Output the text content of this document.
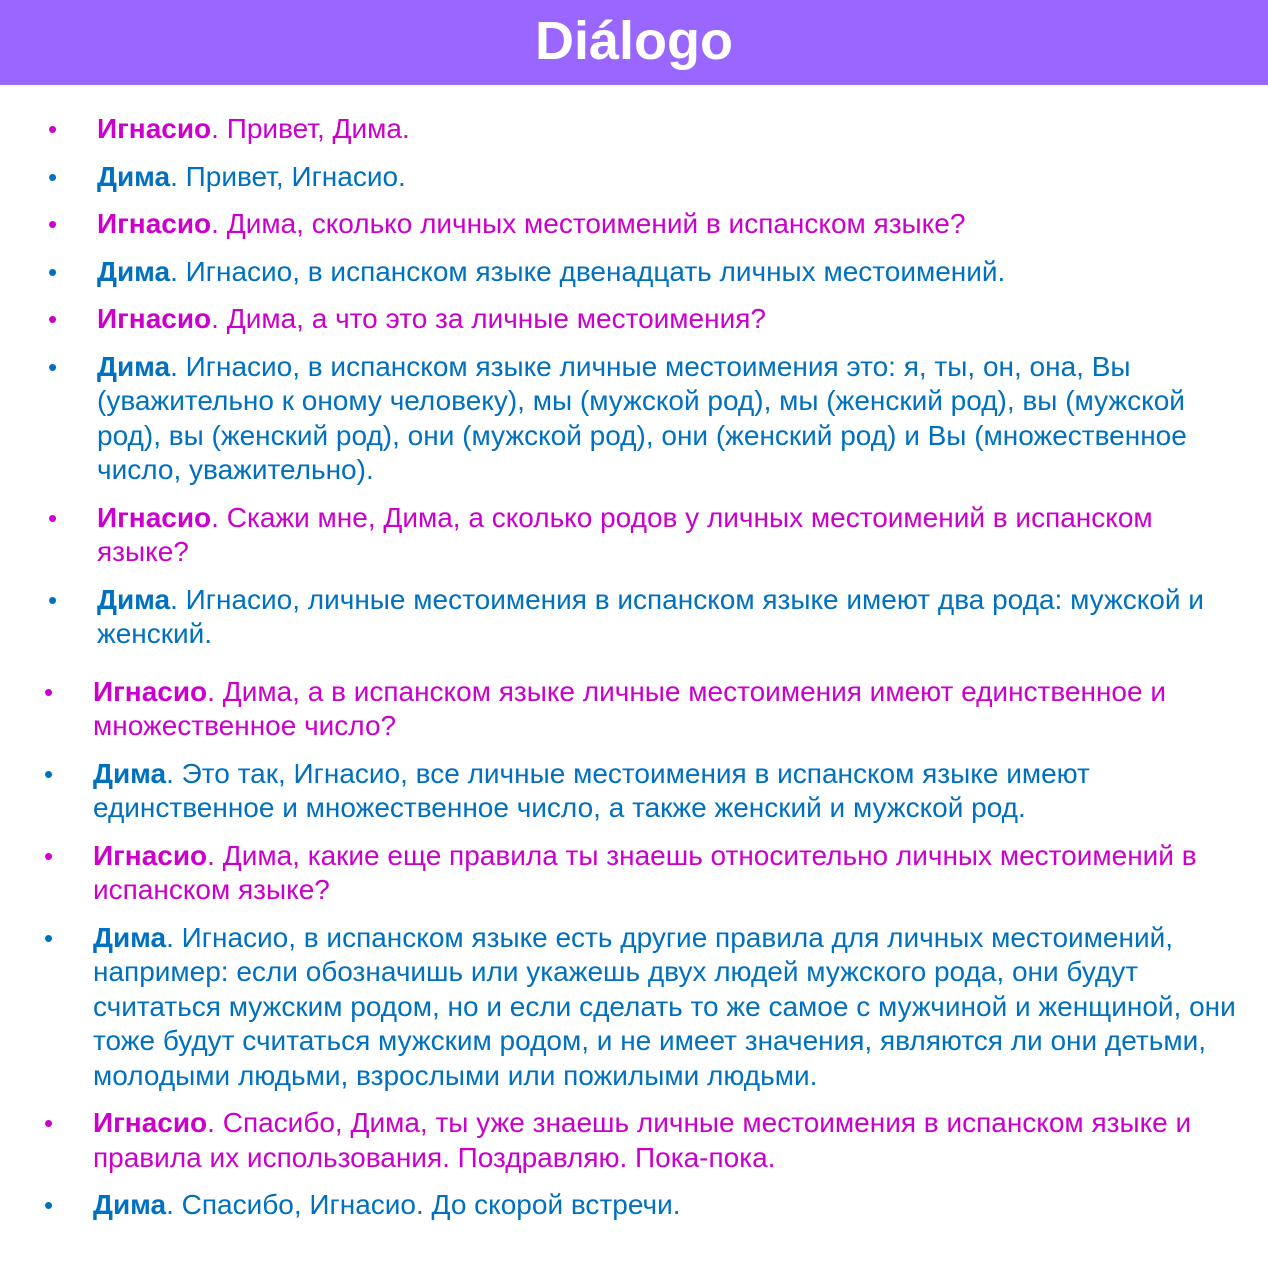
Diálogo
• Игнасио. Привет, Дима.
• Дима. Привет, Игнасио.
• Игнасио. Дима, сколько личных местоимений в испанском языке?
• Дима. Игнасио, в испанском языке двенадцать личных местоимений.
• Игнасио. Дима, а что это за личные местоимения?
• Дима. Игнасио, в испанском языке личные местоимения это: я, ты, он, она, Вы (уважительно к оному человеку), мы (мужской род), мы (женский род), вы (мужской род), вы (женский род), они (мужской род), они (женский род) и Вы (множественное число, уважительно).
• Игнасио. Скажи мне, Дима, а сколько родов у личных местоимений в испанском языке?
• Дима. Игнасио, личные местоимения в испанском языке имеют два рода: мужской и женский.
• Игнасио. Дима, а в испанском языке личные местоимения имеют единственное и множественное число?
• Дима. Это так, Игнасио, все личные местоимения в испанском языке имеют единственное и множественное число, а также женский и мужской род.
• Игнасио. Дима, какие еще правила ты знаешь относительно личных местоимений в испанском языке?
• Дима. Игнасио, в испанском языке есть другие правила для личных местоимений, например: если обозначишь или укажешь двух людей мужского рода, они будут считаться мужским родом, но и если сделать то же самое с мужчиной и женщиной, они тоже будут считаться мужским родом, и не имеет значения, являются ли они детьми, молодыми людьми, взрослыми или пожилыми людьми.
• Игнасио. Спасибо, Дима, ты уже знаешь личные местоимения в испанском языке и правила их использования. Поздравляю. Пока-пока.
• Дима. Спасибо, Игнасио. До скорой встречи.
